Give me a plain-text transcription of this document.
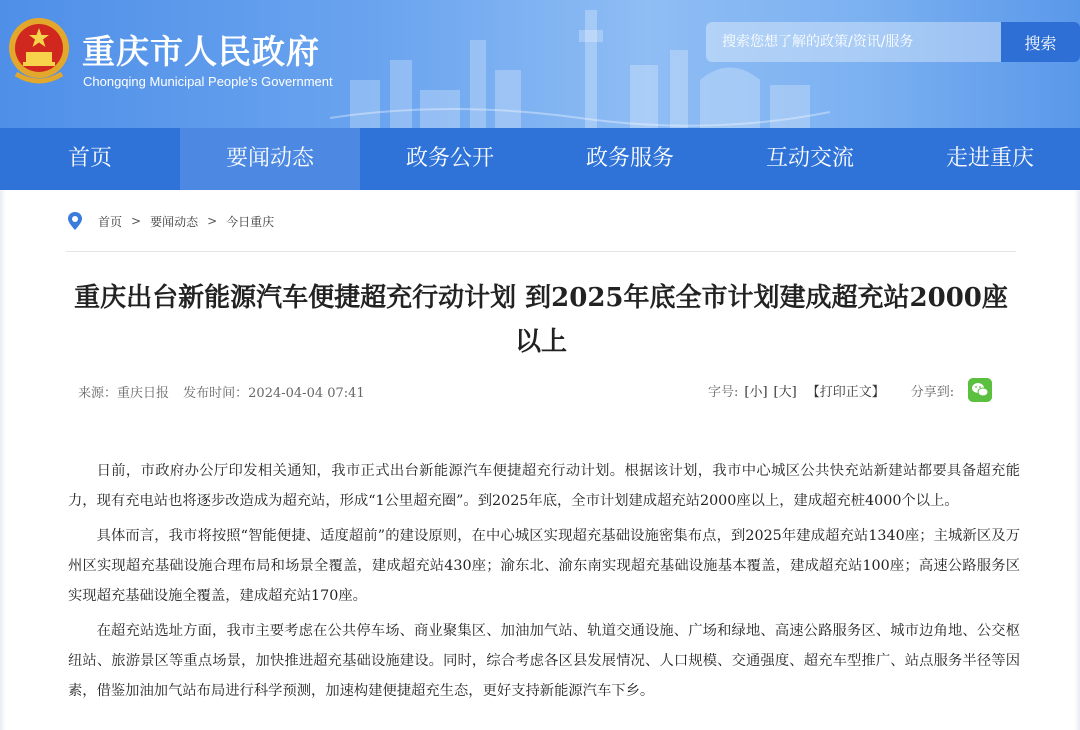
重庆市人民政府
Chongqing Municipal People's Government
搜索您想了解的政策/资讯/服务
搜索
首页	要闻动态	政务公开	政务服务	互动交流	走进重庆
首页 > 要闻动态 > 今日重庆
重庆出台新能源汽车便捷超充行动计划 到2025年底全市计划建成超充站2000座以上
来源：重庆日报 发布时间：2024-04-04 07:41	字号: [小] [大] 【打印正文】 分享到:

日前，市政府办公厅印发相关通知，我市正式出台新能源汽车便捷超充行动计划。根据该计划，我市中心城区公共快充站新建站都要具备超充能力，现有充电站也将逐步改造成为超充站，形成“1公里超充圈”。到2025年底，全市计划建成超充站2000座以上，建成超充桩4000个以上。

具体而言，我市将按照“智能便捷、适度超前”的建设原则，在中心城区实现超充基础设施密集布点，到2025年建成超充站1340座；主城新区及万州区实现超充基础设施合理布局和场景全覆盖，建成超充站430座；渝东北、渝东南实现超充基础设施基本覆盖，建成超充站100座；高速公路服务区实现超充基础设施全覆盖，建成超充站170座。

在超充站选址方面，我市主要考虑在公共停车场、商业聚集区、加油加气站、轨道交通设施、广场和绿地、高速公路服务区、城市边角地、公交枢纽站、旅游景区等重点场景，加快推进超充基础设施建设。同时，综合考虑各区县发展情况、人口规模、交通强度、超充车型推广、站点服务半径等因素，借鉴加油加气站布局进行科学预测，加速构建便捷超充生态，更好支持新能源汽车下乡。
